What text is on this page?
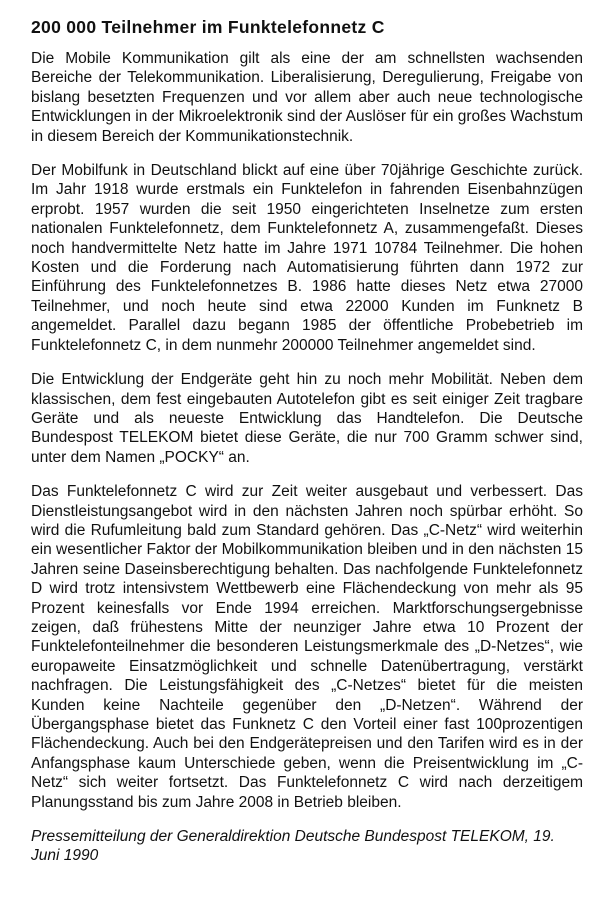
200 000 Teilnehmer im Funktelefonnetz C

Die Mobile Kommunikation gilt als eine der am schnellsten wachsenden Bereiche der Telekommunikation. Liberalisierung, Deregulierung, Freigabe von bislang besetzten Frequenzen und vor allem aber auch neue technologische Entwicklungen in der Mikroelektronik sind der Auslöser für ein großes Wachstum in diesem Bereich der Kommunikationstechnik.

Der Mobilfunk in Deutschland blickt auf eine über 70jährige Geschichte zurück. Im Jahr 1918 wurde erstmals ein Funktelefon in fahrenden Eisenbahnzügen erprobt. 1957 wurden die seit 1950 eingerichteten Inselnetze zum ersten nationalen Funktelefonnetz, dem Funktelefonnetz A, zusammengefaßt. Dieses noch handvermittelte Netz hatte im Jahre 1971 10784 Teilnehmer. Die hohen Kosten und die Forderung nach Automatisierung führten dann 1972 zur Einführung des Funktelefonnetzes B. 1986 hatte dieses Netz etwa 27000 Teilnehmer, und noch heute sind etwa 22000 Kunden im Funknetz B angemeldet. Parallel dazu begann 1985 der öffentliche Probebetrieb im Funktelefonnetz C, in dem nunmehr 200000 Teilnehmer angemeldet sind.

Die Entwicklung der Endgeräte geht hin zu noch mehr Mobilität. Neben dem klassischen, dem fest eingebauten Autotelefon gibt es seit einiger Zeit tragbare Geräte und als neueste Entwicklung das Handtelefon. Die Deutsche Bundespost TELEKOM bietet diese Geräte, die nur 700 Gramm schwer sind, unter dem Namen „POCKY“ an.

Das Funktelefonnetz C wird zur Zeit weiter ausgebaut und verbessert. Das Dienstleistungsangebot wird in den nächsten Jahren noch spürbar erhöht. So wird die Rufumleitung bald zum Standard gehören. Das „C-Netz“ wird weiterhin ein wesentlicher Faktor der Mobilkommunikation bleiben und in den nächsten 15 Jahren seine Daseinsberechtigung behalten. Das nachfolgende Funktelefonnetz D wird trotz intensivstem Wettbewerb eine Flächendeckung von mehr als 95 Prozent keinesfalls vor Ende 1994 erreichen. Marktforschungsergebnisse zeigen, daß frühestens Mitte der neunziger Jahre etwa 10 Prozent der Funktelefonteilnehmer die besonderen Leistungsmerkmale des „D-Netzes“, wie europaweite Einsatzmöglichkeit und schnelle Datenübertragung, verstärkt nachfragen. Die Leistungsfähigkeit des „C-Netzes“ bietet für die meisten Kunden keine Nachteile gegenüber den „D-Netzen“. Während der Übergangsphase bietet das Funknetz C den Vorteil einer fast 100prozentigen Flächendeckung. Auch bei den Endgerätepreisen und den Tarifen wird es in der Anfangsphase kaum Unterschiede geben, wenn die Preisentwicklung im „C-Netz“ sich weiter fortsetzt. Das Funktelefonnetz C wird nach derzeitigem Planungsstand bis zum Jahre 2008 in Betrieb bleiben.

Pressemitteilung der Generaldirektion Deutsche Bundespost TELEKOM, 19. Juni 1990
